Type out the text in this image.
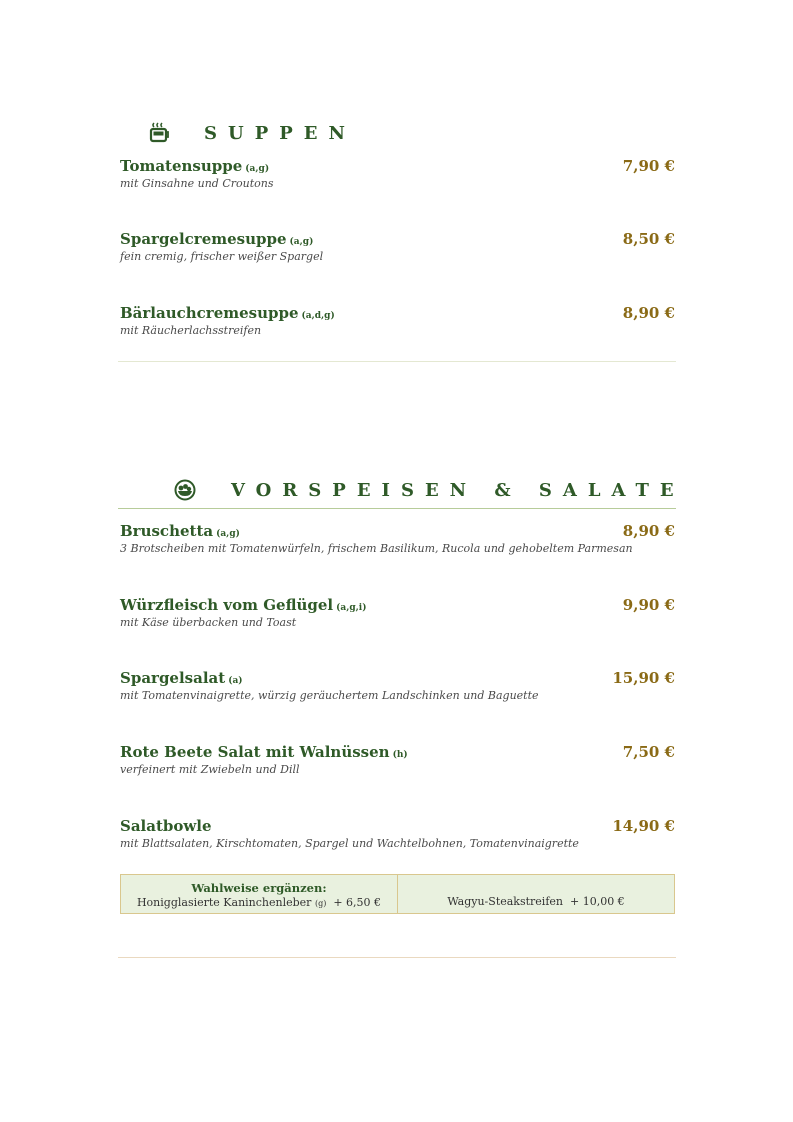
SUPPEN
Tomatensuppe (a,g)	7,90 €
mit Ginsahne und Croutons
Spargelcremesuppe (a,g)	8,50 €
fein cremig, frischer weißer Spargel
Bärlauchcremesuppe (a,d,g)	8,90 €
mit Räucherlachsstreifen
VORSPEISEN & SALATE
Bruschetta (a,g)	8,90 €
3 Brotscheiben mit Tomatenwürfeln, frischem Basilikum, Rucola und gehobeltem Parmesan
Würzfleisch vom Geflügel (a,g,i)	9,90 €
mit Käse überbacken und Toast
Spargelsalat (a)	15,90 €
mit Tomatenvinaigrette, würzig geräuchertem Landschinken und Baguette
Rote Beete Salat mit Walnüssen (h)	7,50 €
verfeinert mit Zwiebeln und Dill
Salatbowle	14,90 €
mit Blattsalaten, Kirschtomaten, Spargel und Wachtelbohnen, Tomatenvinaigrette
Wahlweise ergänzen:
Honigglasierte Kaninchenleber (g) + 6,50 €	Wagyu-Steakstreifen + 10,00 €
